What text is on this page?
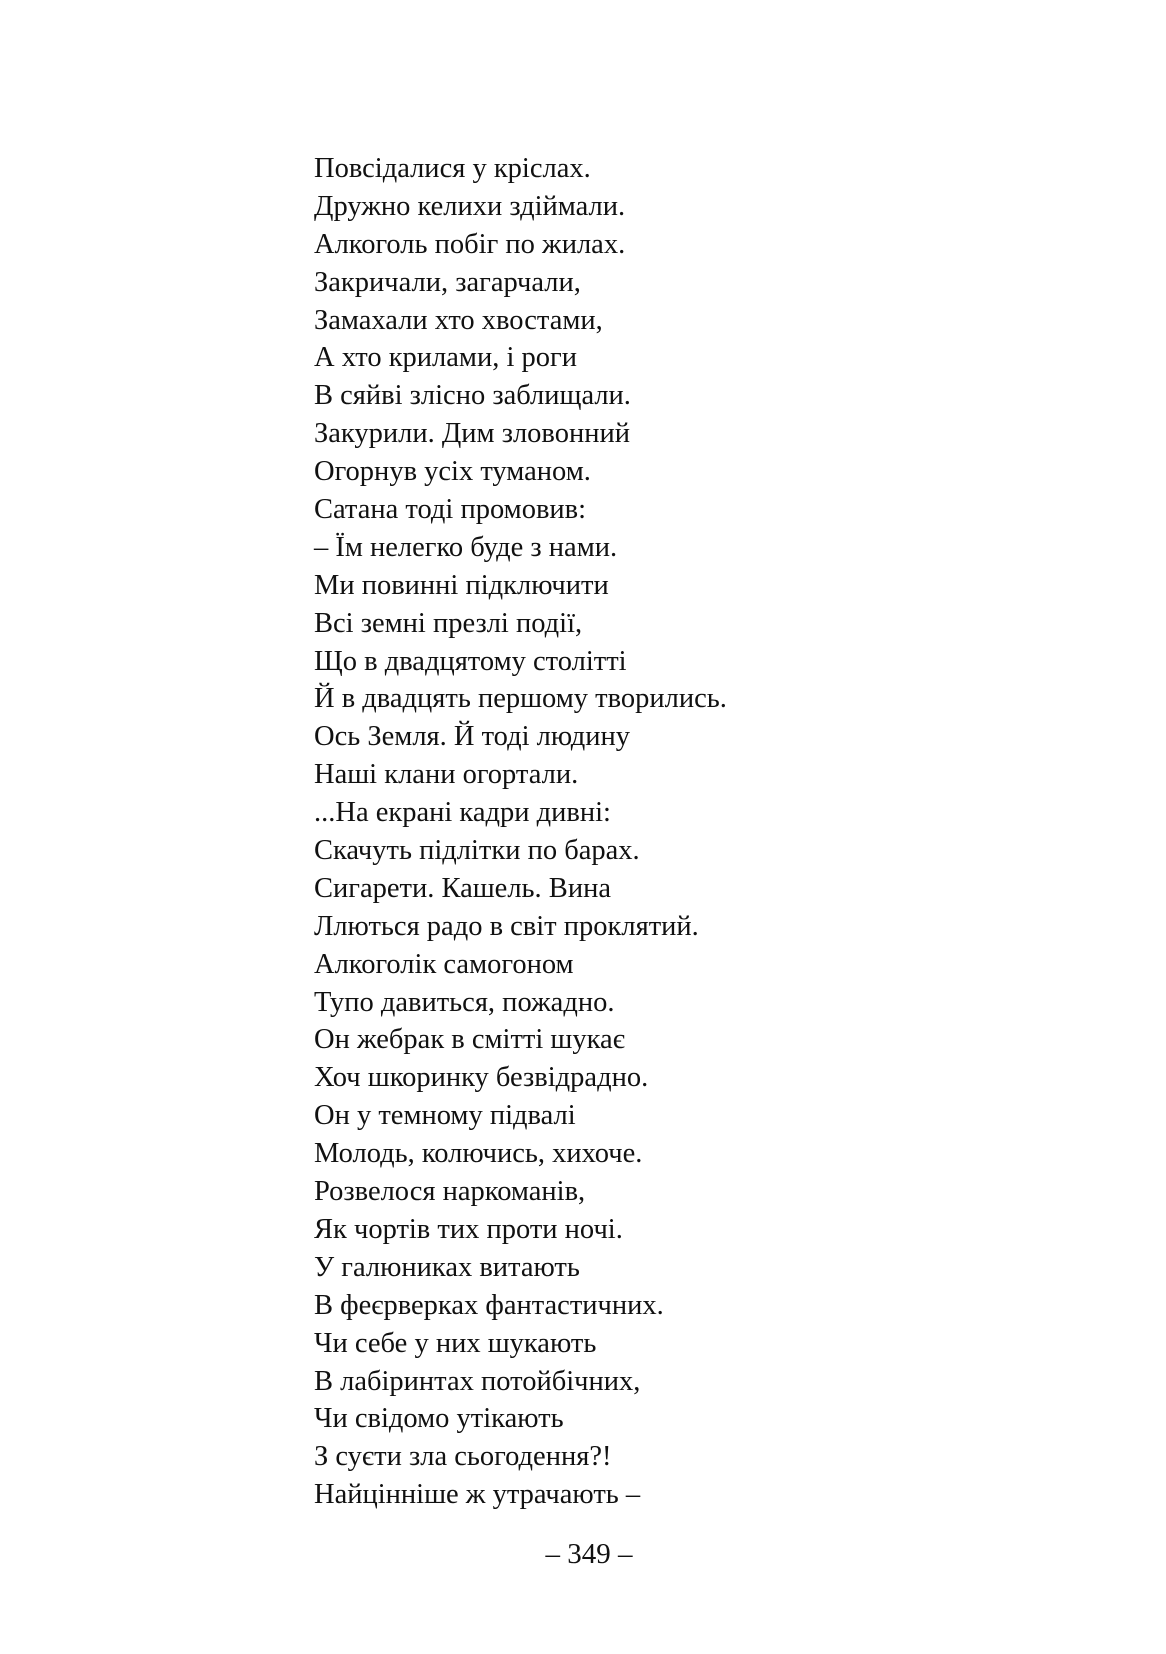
Повсідалися у кріслах.
Дружно келихи здіймали.
Алкоголь побіг по жилах.
Закричали, загарчали,
Замахали хто хвостами,
А хто крилами, і роги
В сяйві злісно заблищали.
Закурили. Дим зловонний
Огорнув усіх туманом.
Сатана тоді промовив:
– Їм нелегко буде з нами.
Ми повинні підключити
Всі земні презлі події,
Що в двадцятому столітті
Й в двадцять першому творились.
Ось Земля. Й тоді людину
Наші клани огортали.
...На екрані кадри дивні:
Скачуть підлітки по барах.
Сигарети. Кашель. Вина
Ллються радо в світ проклятий.
Алкоголік самогоном
Тупо давиться, пожадно.
Он жебрак в смітті шукає
Хоч шкоринку безвідрадно.
Он у темному підвалі
Молодь, колючись, хихоче.
Розвелося наркоманів,
Як чортів тих проти ночі.
У галюниках витають
В феєрверках фантастичних.
Чи себе у них шукають
В лабіринтах потойбічних,
Чи свідомо утікають
З суєти зла сьогодення?!
Найцінніше ж утрачають –
– 349 –
